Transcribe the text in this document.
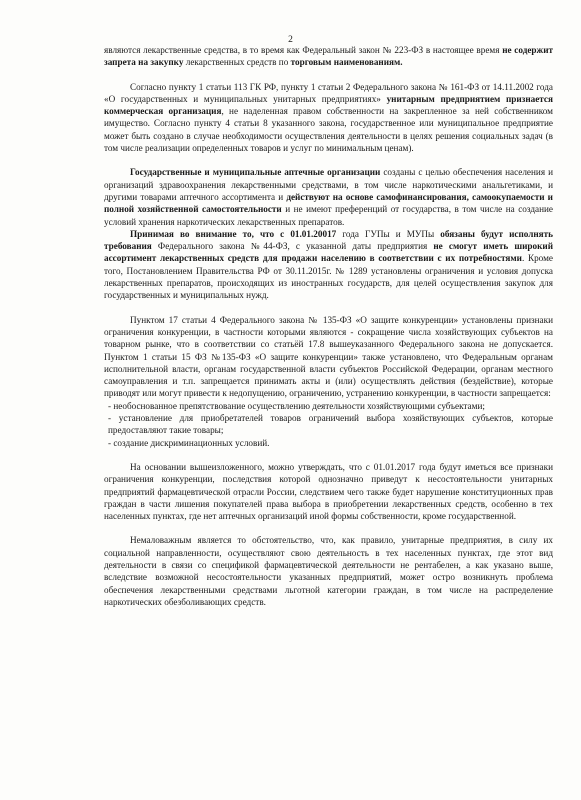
2

являются лекарственные средства, в то время как Федеральный закон № 223-ФЗ в настоящее время не содержит запрета на закупку лекарственных средств по торговым наименованиям.

Согласно пункту 1 статьи 113 ГК РФ, пункту 1 статьи 2 Федерального закона № 161-ФЗ от 14.11.2002 года «О государственных и муниципальных унитарных предприятиях» унитарным предприятием признается коммерческая организация, не наделенная правом собственности на закрепленное за ней собственником имущество. Согласно пункту 4 статьи 8 указанного закона, государственное или муниципальное предприятие может быть создано в случае необходимости осуществления деятельности в целях решения социальных задач (в том числе реализации определенных товаров и услуг по минимальным ценам).

Государственные и муниципальные аптечные организации созданы с целью обеспечения населения и организаций здравоохранения лекарственными средствами, в том числе наркотическими анальгетиками, и другими товарами аптечного ассортимента и действуют на основе самофинансирования, самоокупаемости и полной хозяйственной самостоятельности и не имеют преференций от государства, в том числе на создание условий хранения наркотических лекарственных препаратов.

Принимая во внимание то, что с 01.01.20017 года ГУПы и МУПы обязаны будут исполнять требования Федерального закона №44-ФЗ, с указанной даты предприятия не смогут иметь широкий ассортимент лекарственных средств для продажи населению в соответствии с их потребностями. Кроме того, Постановлением Правительства РФ от 30.11.2015г. № 1289 установлены ограничения и условия допуска лекарственных препаратов, происходящих из иностранных государств, для целей осуществления закупок для государственных и муниципальных нужд.

Пунктом 17 статьи 4 Федерального закона № 135-ФЗ «О защите конкуренции» установлены признаки ограничения конкуренции, в частности которыми являются - сокращение числа хозяйствующих субъектов на товарном рынке, что в соответствии со статьёй 17.8 вышеуказанного Федерального закона не допускается. Пунктом 1 статьи 15 ФЗ №135-ФЗ «О защите конкуренции» также установлено, что Федеральным органам исполнительной власти, органам государственной власти субъектов Российской Федерации, органам местного самоуправления и т.п. запрещается принимать акты и (или) осуществлять действия (бездействие), которые приводят или могут привести к недопущению, ограничению, устранению конкуренции, в частности запрещается:

- необоснованное препятствование осуществлению деятельности хозяйствующими субъектами;

- установление для приобретателей товаров ограничений выбора хозяйствующих субъектов, которые предоставляют такие товары;

- создание дискриминационных условий.

На основании вышеизложенного, можно утверждать, что с 01.01.2017 года будут иметься все признаки ограничения конкуренции, последствия которой однозначно приведут к несостоятельности унитарных предприятий фармацевтической отрасли России, следствием чего также будет нарушение конституционных прав граждан в части лишения покупателей права выбора в приобретении лекарственных средств, особенно в тех населенных пунктах, где нет аптечных организаций иной формы собственности, кроме государственной.

Немаловажным является то обстоятельство, что, как правило, унитарные предприятия, в силу их социальной направленности, осуществляют свою деятельность в тех населенных пунктах, где этот вид деятельности в связи со спецификой фармацевтической деятельности не рентабелен, а как указано выше, вследствие возможной несостоятельности указанных предприятий, может остро возникнуть проблема обеспечения лекарственными средствами льготной категории граждан, в том числе на распределение наркотических обезболивающих средств.
